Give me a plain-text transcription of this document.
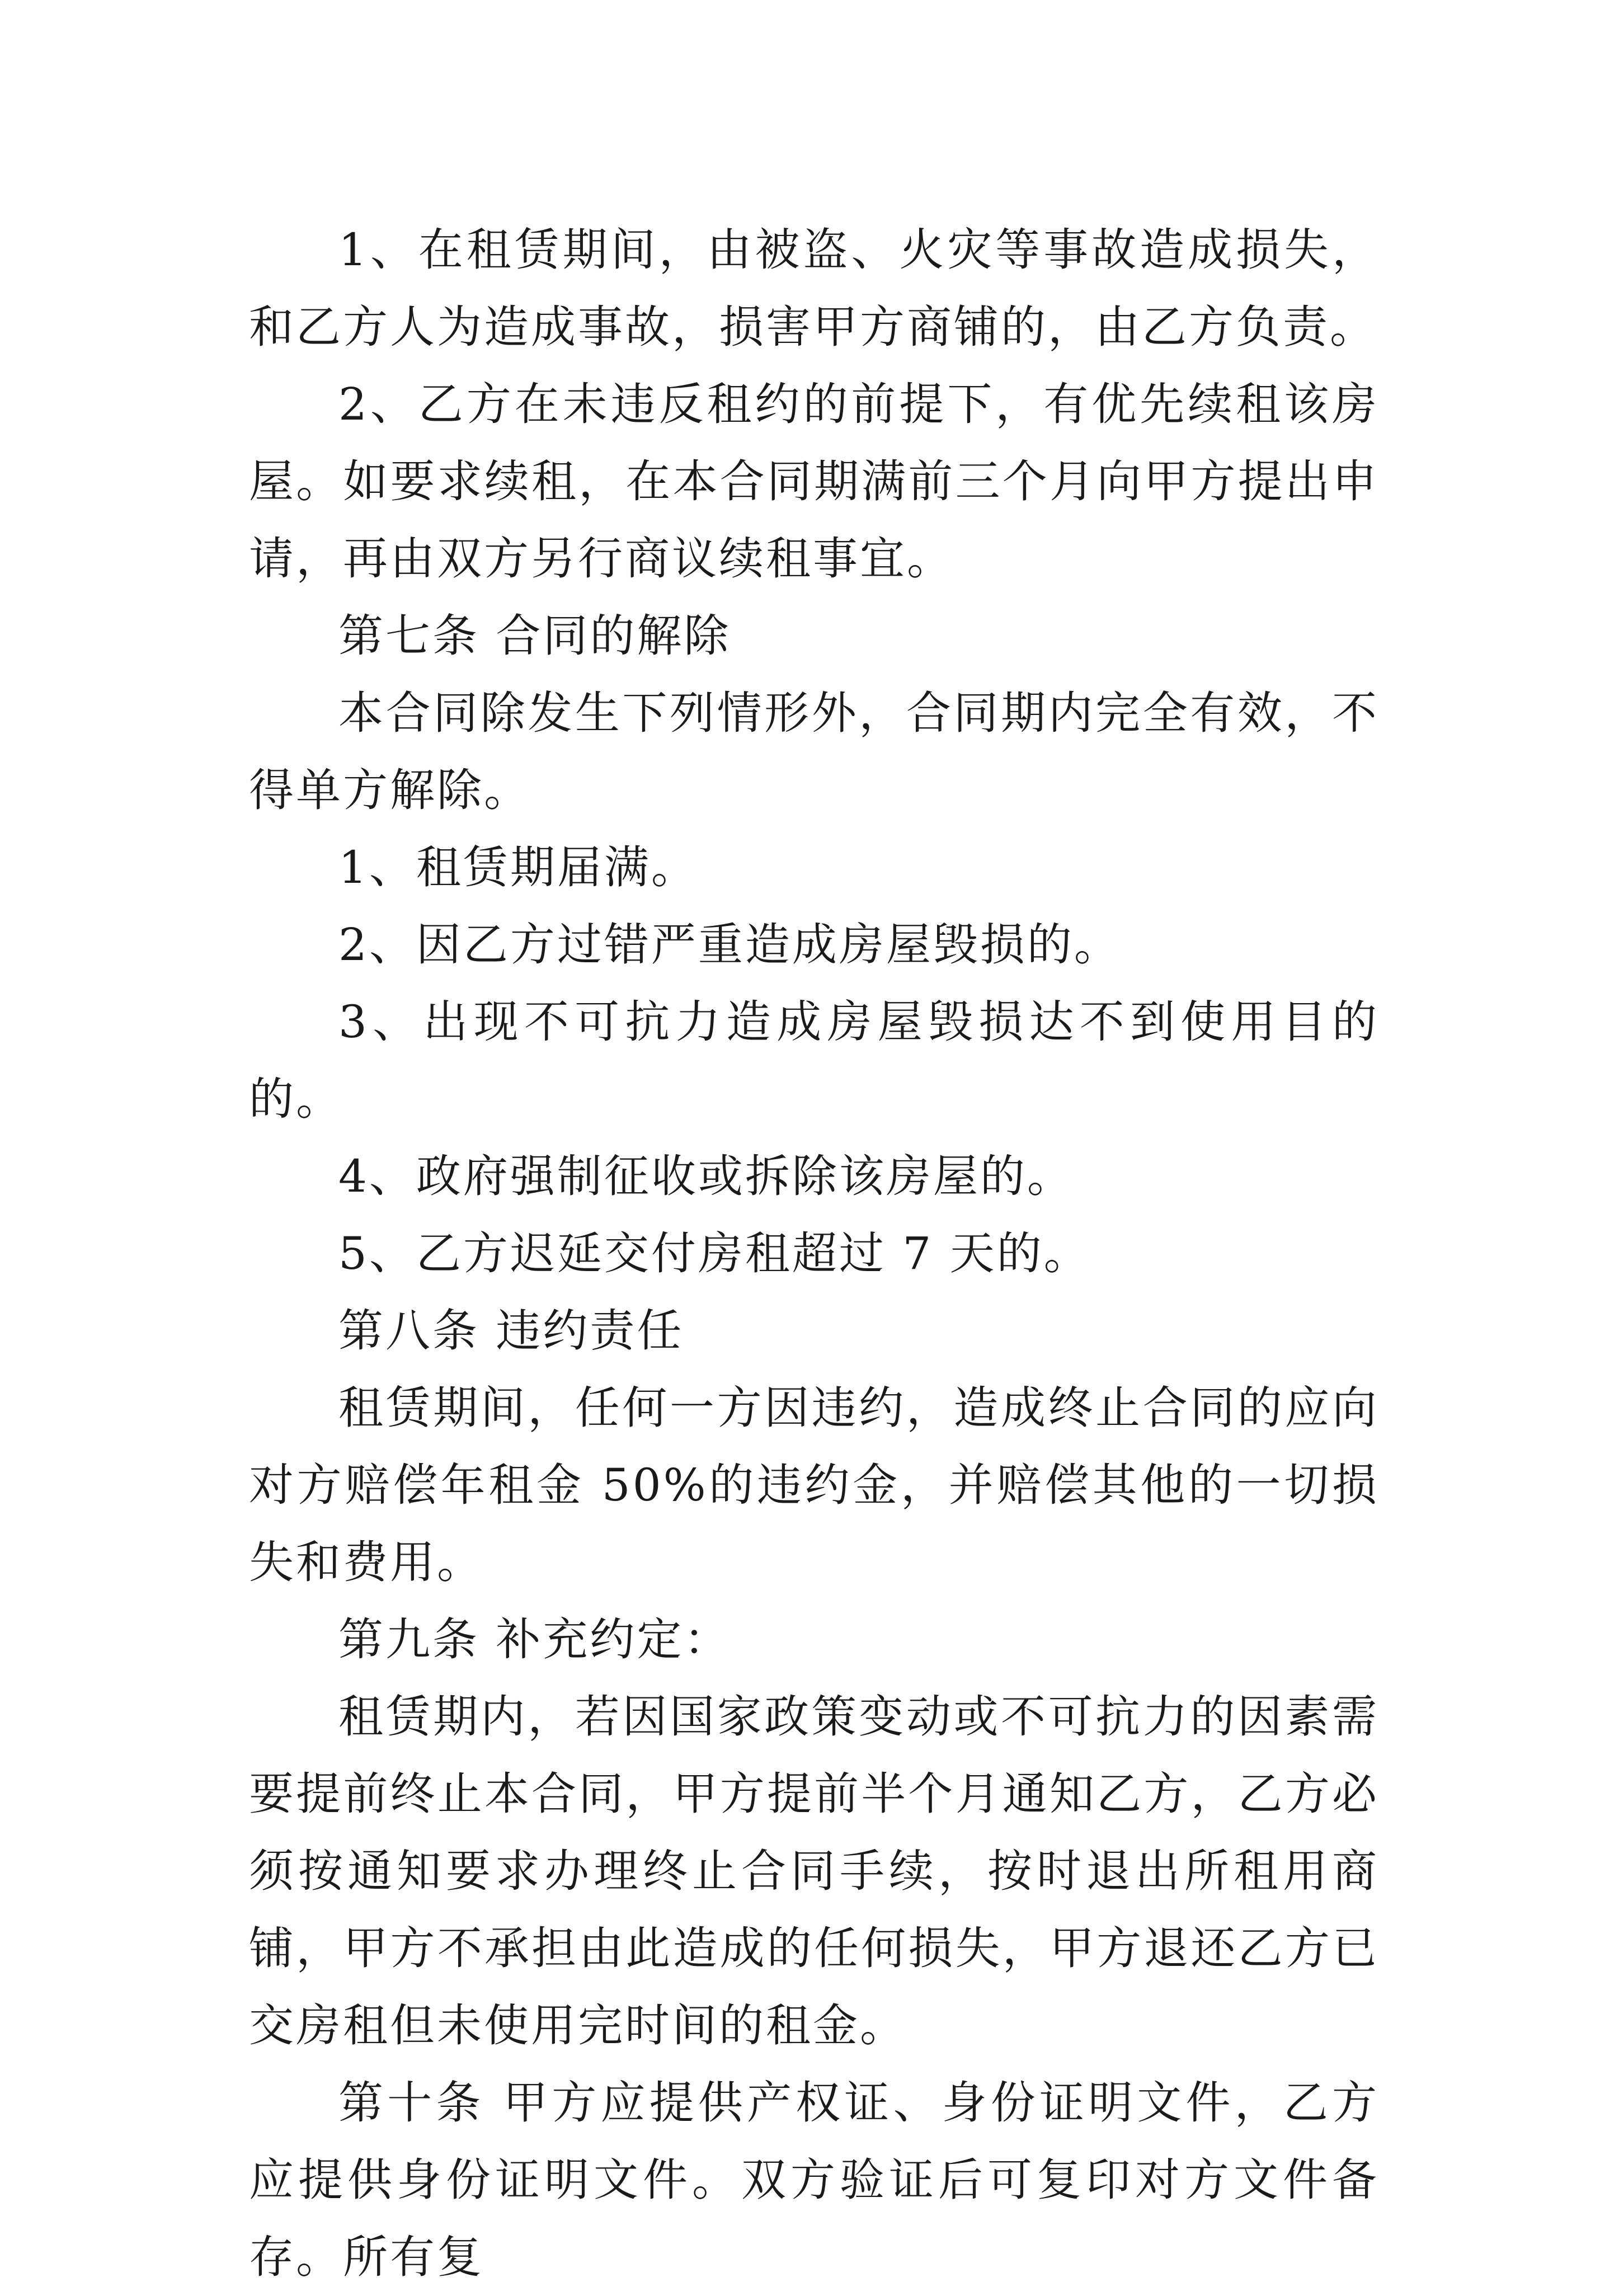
1、在租赁期间，由被盗、火灾等事故造成损失，和乙方人为造成事故，损害甲方商铺的，由乙方负责。

2、乙方在未违反租约的前提下，有优先续租该房屋。如要求续租，在本合同期满前三个月向甲方提出申请，再由双方另行商议续租事宜。

第七条 合同的解除

本合同除发生下列情形外，合同期内完全有效，不得单方解除。

1、租赁期届满。

2、因乙方过错严重造成房屋毁损的。

3、出现不可抗力造成房屋毁损达不到使用目的的。

4、政府强制征收或拆除该房屋的。

5、乙方迟延交付房租超过 7 天的。

第八条 违约责任

租赁期间，任何一方因违约，造成终止合同的应向对方赔偿年租金 50%的违约金，并赔偿其他的一切损失和费用。

第九条 补充约定：

租赁期内，若因国家政策变动或不可抗力的因素需要提前终止本合同，甲方提前半个月通知乙方，乙方必须按通知要求办理终止合同手续，按时退出所租用商铺，甲方不承担由此造成的任何损失，甲方退还乙方已交房租但未使用完时间的租金。

第十条 甲方应提供产权证、身份证明文件，乙方应提供身份证明文件。双方验证后可复印对方文件备存。所有复
